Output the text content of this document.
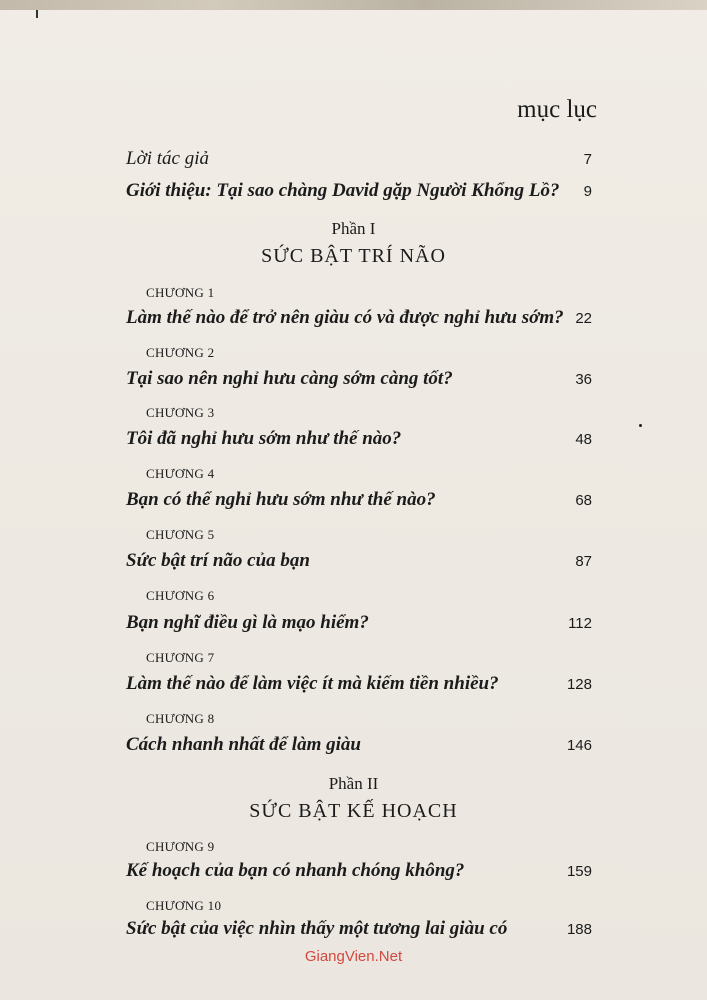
mục lục
Lời tác giả	7
Giới thiệu: Tại sao chàng David gặp Người Khổng Lồ? 9
Phần I
SỨC BẬT TRÍ NÃO
CHƯƠNG 1
Làm thế nào để trở nên giàu có và được nghỉ hưu sớm? 22
CHƯƠNG 2
Tại sao nên nghỉ hưu càng sớm càng tốt?	36
CHƯƠNG 3
Tôi đã nghỉ hưu sớm như thế nào?	48
CHƯƠNG 4
Bạn có thể nghỉ hưu sớm như thế nào?	68
CHƯƠNG 5
Sức bật trí não của bạn	87
CHƯƠNG 6
Bạn nghĩ điều gì là mạo hiểm?	112
CHƯƠNG 7
Làm thế nào để làm việc ít mà kiếm tiền nhiều?	128
CHƯƠNG 8
Cách nhanh nhất để làm giàu	146
Phần II
SỨC BẬT KẾ HOẠCH
CHƯƠNG 9
Kế hoạch của bạn có nhanh chóng không?	159
CHƯƠNG 10
Sức bật của việc nhìn thấy một tương lai giàu có	188
GiangVien.Net
